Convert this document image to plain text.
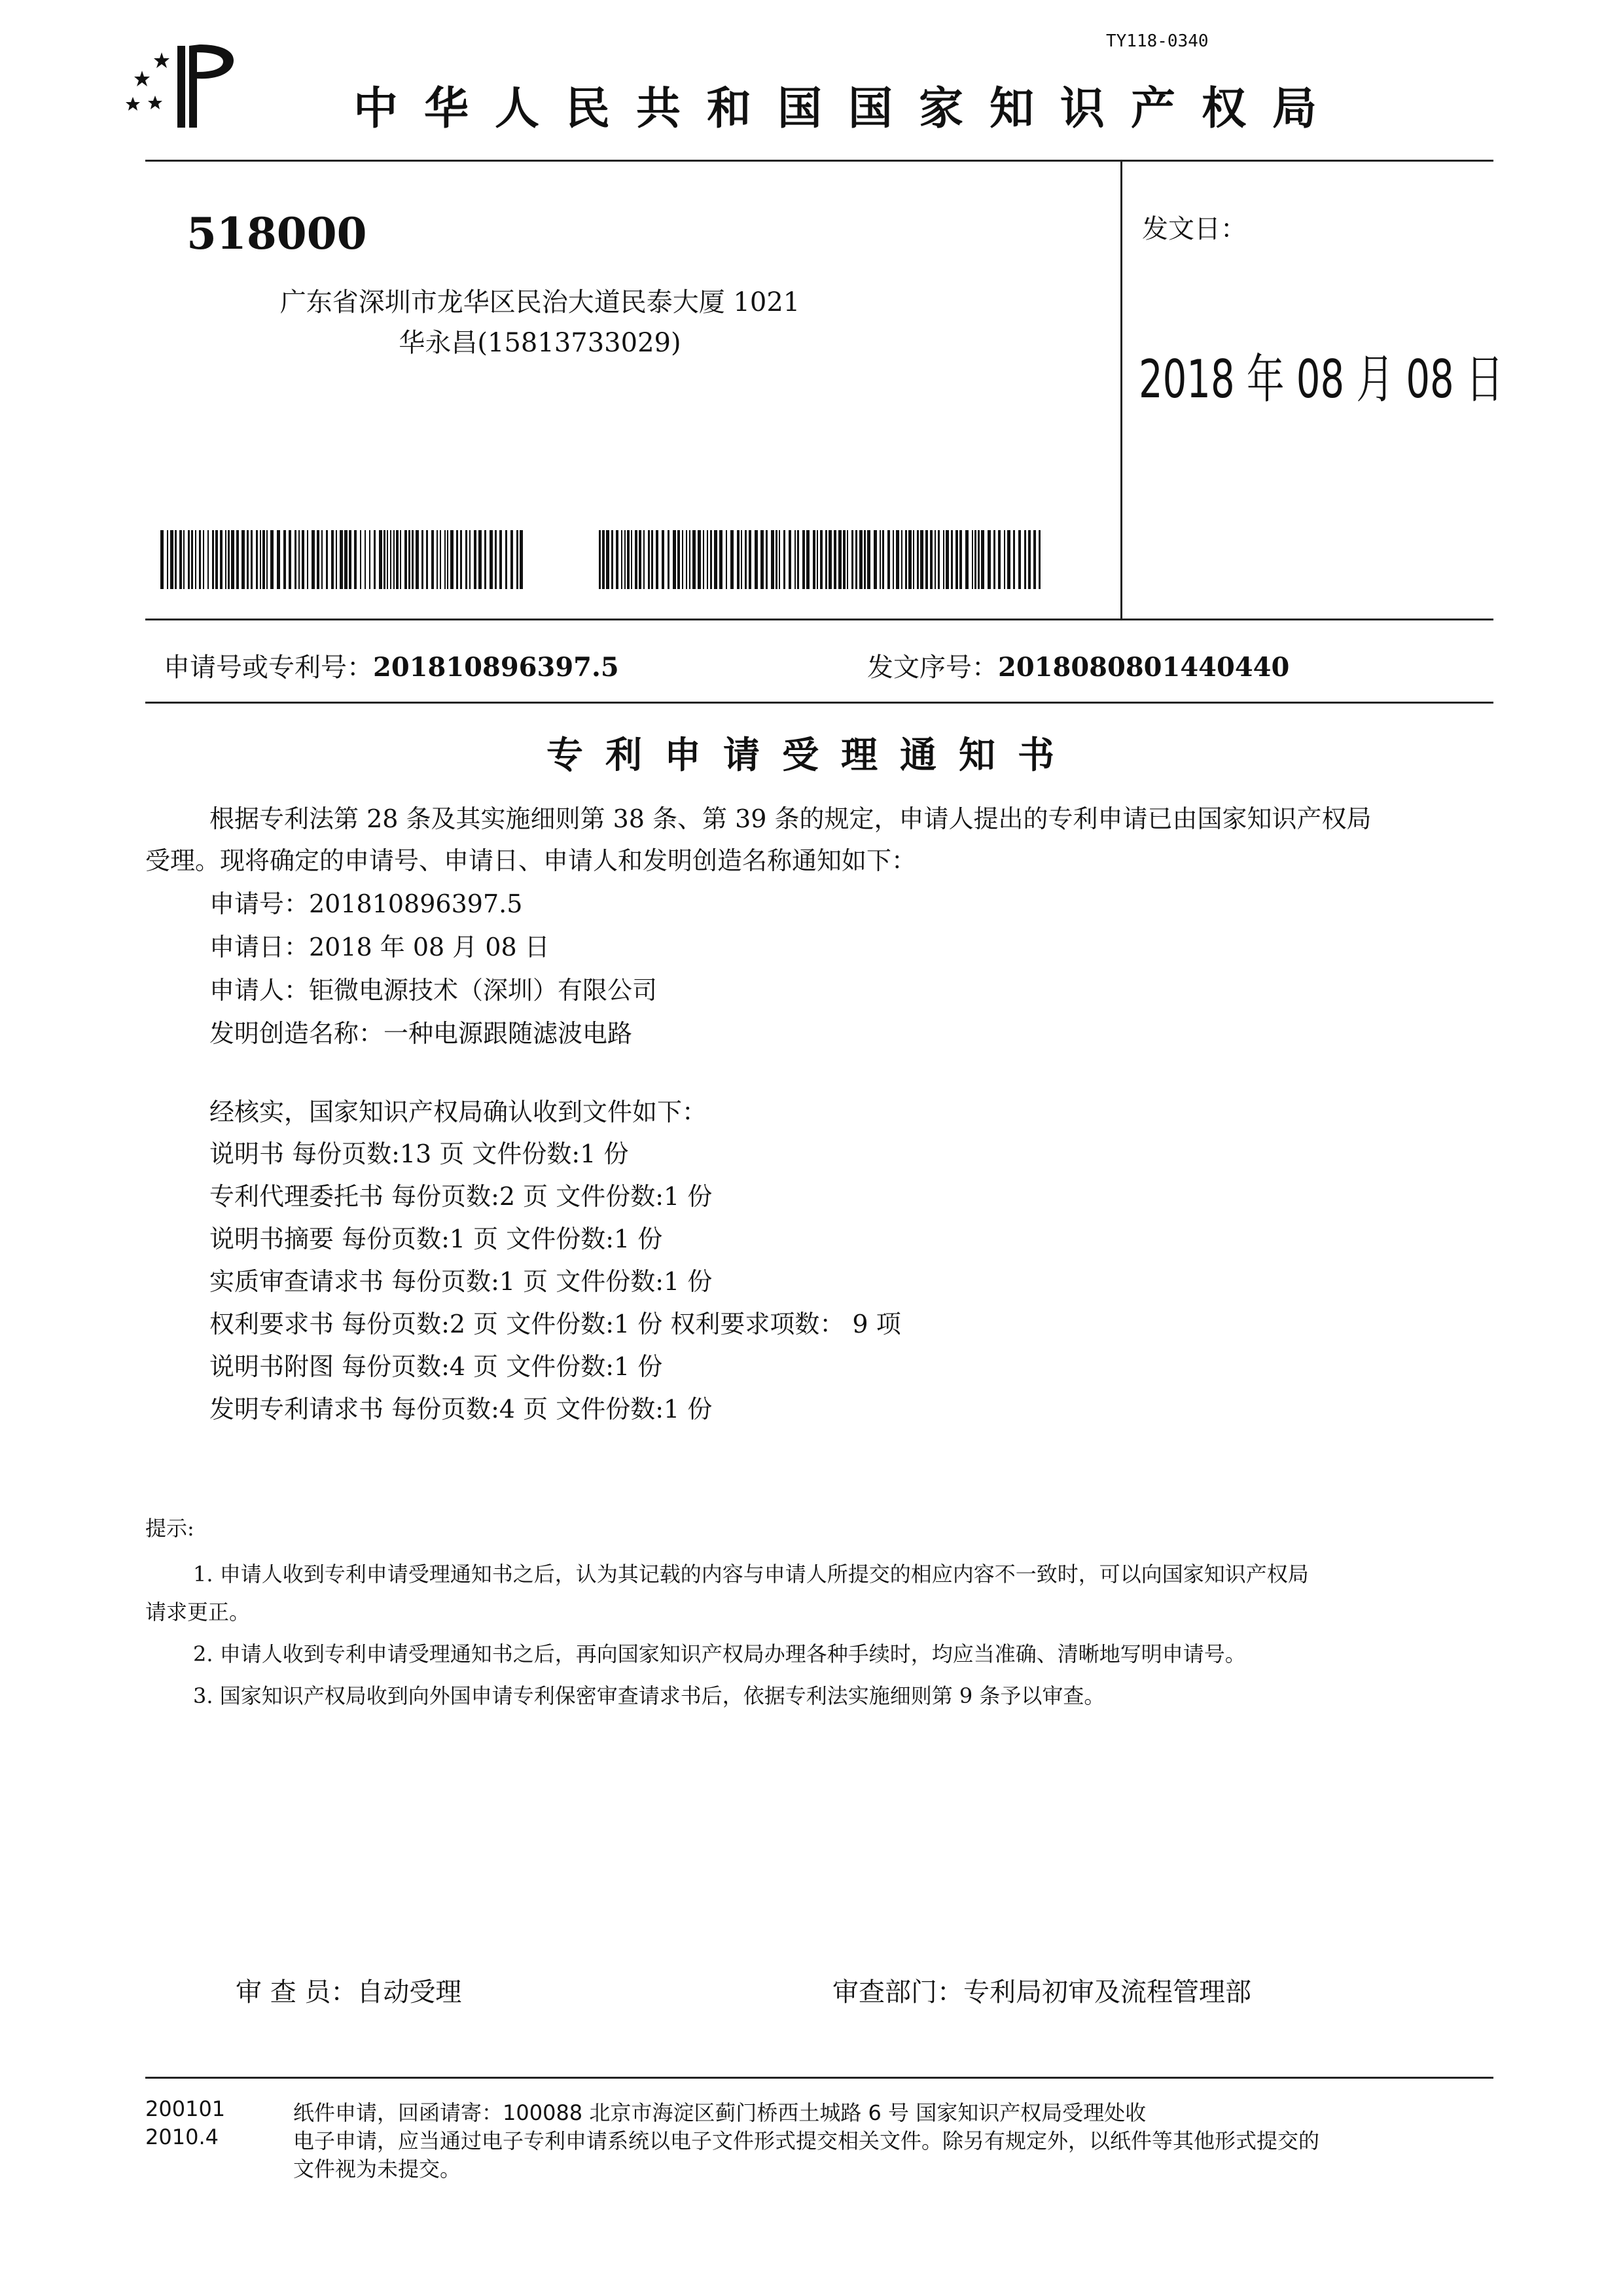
TY118-0340
中华人民共和国国家知识产权局
518000
广东省深圳市龙华区民治大道民泰大厦 1021
华永昌(15813733029)
发文日：
2018 年 08 月 08 日
申请号或专利号：201810896397.5	发文序号：2018080801440440
专利申请受理通知书
根据专利法第 28 条及其实施细则第 38 条、第 39 条的规定，申请人提出的专利申请已由国家知识产权局
受理。现将确定的申请号、申请日、申请人和发明创造名称通知如下：
申请号：201810896397.5
申请日：2018 年 08 月 08 日
申请人：钜微电源技术（深圳）有限公司
发明创造名称：一种电源跟随滤波电路
经核实，国家知识产权局确认收到文件如下：
说明书 每份页数:13 页 文件份数:1 份
专利代理委托书 每份页数:2 页 文件份数:1 份
说明书摘要 每份页数:1 页 文件份数:1 份
实质审查请求书 每份页数:1 页 文件份数:1 份
权利要求书 每份页数:2 页 文件份数:1 份 权利要求项数： 9 项
说明书附图 每份页数:4 页 文件份数:1 份
发明专利请求书 每份页数:4 页 文件份数:1 份
提示:
1. 申请人收到专利申请受理通知书之后，认为其记载的内容与申请人所提交的相应内容不一致时，可以向国家知识产权局
请求更正。
2. 申请人收到专利申请受理通知书之后，再向国家知识产权局办理各种手续时，均应当准确、清晰地写明申请号。
3. 国家知识产权局收到向外国申请专利保密审查请求书后，依据专利法实施细则第 9 条予以审查。
审 查 员：自动受理	审查部门：专利局初审及流程管理部
200101
2010.4
纸件申请，回函请寄：100088 北京市海淀区蓟门桥西土城路 6 号 国家知识产权局受理处收
电子申请，应当通过电子专利申请系统以电子文件形式提交相关文件。除另有规定外，以纸件等其他形式提交的
文件视为未提交。
